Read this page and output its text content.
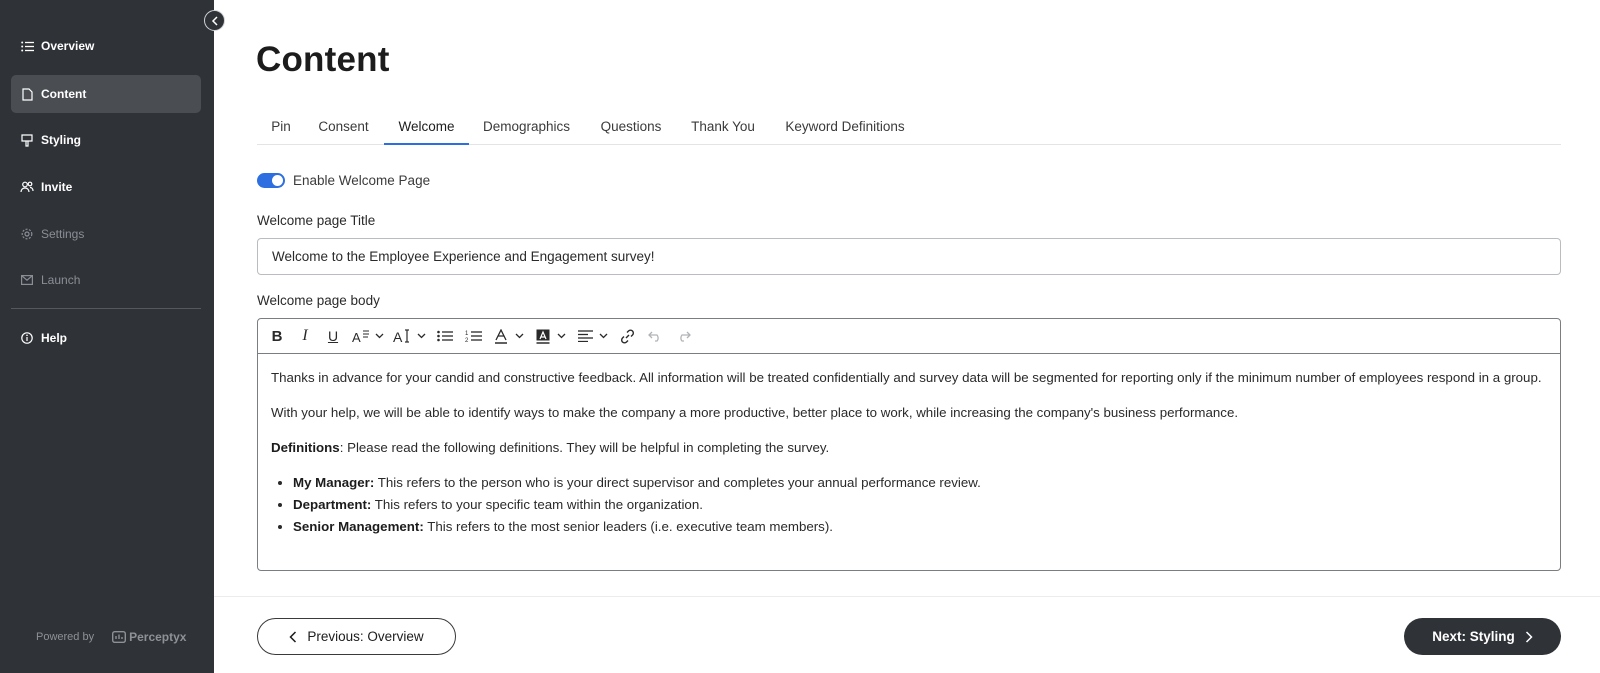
Overview
Content
Styling
Invite
Settings
Launch
Help
Powered by	Perceptyx
Content
Pin Consent	Welcome	Demographics Questions Thank You Keyword Definitions
Enable Welcome Page
Welcome page Title
Welcome to the Employee Experience and Engagement survey!
Welcome page body
B I U A A	1
2

Thanks in advance for your candid and constructive feedback. All information will be treated confidentially and survey data will be segmented for reporting only if the minimum number of employees respond in a group.

With your help, we will be able to identify ways to make the company a more productive, better place to work, while increasing the company's business performance.

Definitions: Please read the following definitions. They will be helpful in completing the survey.

• My Manager: This refers to the person who is your direct supervisor and completes your annual performance review.
• Department: This refers to your specific team within the organization.
• Senior Management: This refers to the most senior leaders (i.e. executive team members).
Previous: Overview	Next: Styling
